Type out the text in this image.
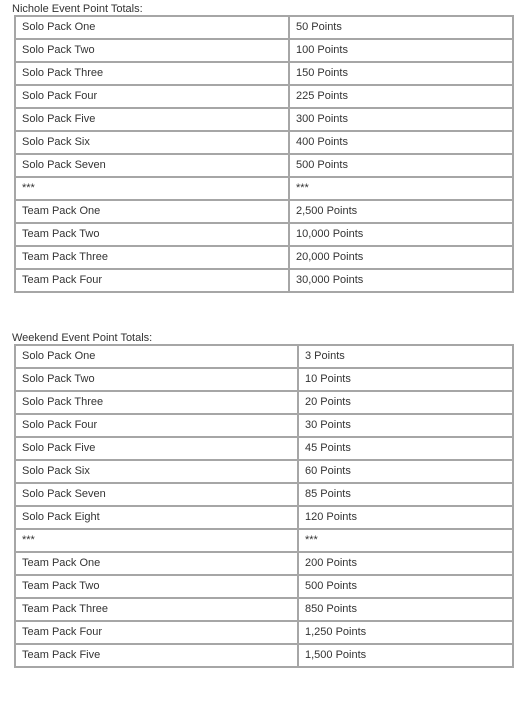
Nichole Event Point Totals:
Solo Pack One	50 Points
Solo Pack Two	100 Points
Solo Pack Three	150 Points
Solo Pack Four	225 Points
Solo Pack Five	300 Points
Solo Pack Six	400 Points
Solo Pack Seven	500 Points
***	***
Team Pack One	2,500 Points
Team Pack Two	10,000 Points
Team Pack Three	20,000 Points
Team Pack Four	30,000 Points
Weekend Event Point Totals:
Solo Pack One	3 Points
Solo Pack Two	10 Points
Solo Pack Three	20 Points
Solo Pack Four	30 Points
Solo Pack Five	45 Points
Solo Pack Six	60 Points
Solo Pack Seven	85 Points
Solo Pack Eight	120 Points
***	***
Team Pack One	200 Points
Team Pack Two	500 Points
Team Pack Three	850 Points
Team Pack Four	1,250 Points
Team Pack Five	1,500 Points
